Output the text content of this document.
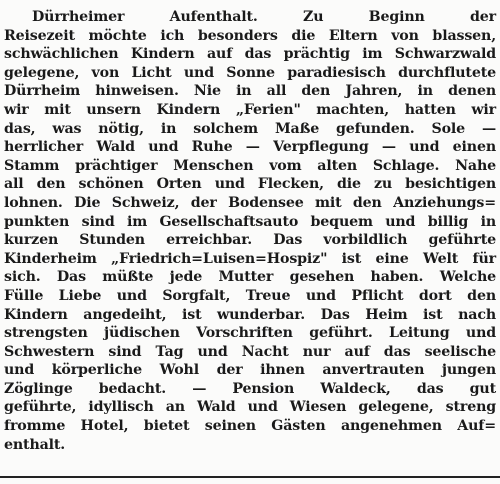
Dürrheimer Aufenthalt. Zu Beginn der
Reisezeit möchte ich besonders die Eltern von blassen,
schwächlichen Kindern auf das prächtig im Schwarzwald
gelegene, von Licht und Sonne paradiesisch durchflutete
Dürrheim hinweisen. Nie in all den Jahren, in denen
wir mit unsern Kindern „Ferien" machten, hatten wir
das, was nötig, in solchem Maße gefunden. Sole —
herrlicher Wald und Ruhe — Verpflegung — und einen
Stamm prächtiger Menschen vom alten Schlage. Nahe
all den schönen Orten und Flecken, die zu besichtigen
lohnen. Die Schweiz, der Bodensee mit den Anziehungs=
punkten sind im Gesellschaftsauto bequem und billig in
kurzen Stunden erreichbar. Das vorbildlich geführte
Kinderheim „Friedrich=Luisen=Hospiz" ist eine Welt für
sich. Das müßte jede Mutter gesehen haben. Welche
Fülle Liebe und Sorgfalt, Treue und Pflicht dort den
Kindern angedeiht, ist wunderbar. Das Heim ist nach
strengsten jüdischen Vorschriften geführt. Leitung und
Schwestern sind Tag und Nacht nur auf das seelische
und körperliche Wohl der ihnen anvertrauten jungen
Zöglinge bedacht. — Pension Waldeck, das gut
geführte, idyllisch an Wald und Wiesen gelegene, streng
fromme Hotel, bietet seinen Gästen angenehmen Auf=
enthalt.
